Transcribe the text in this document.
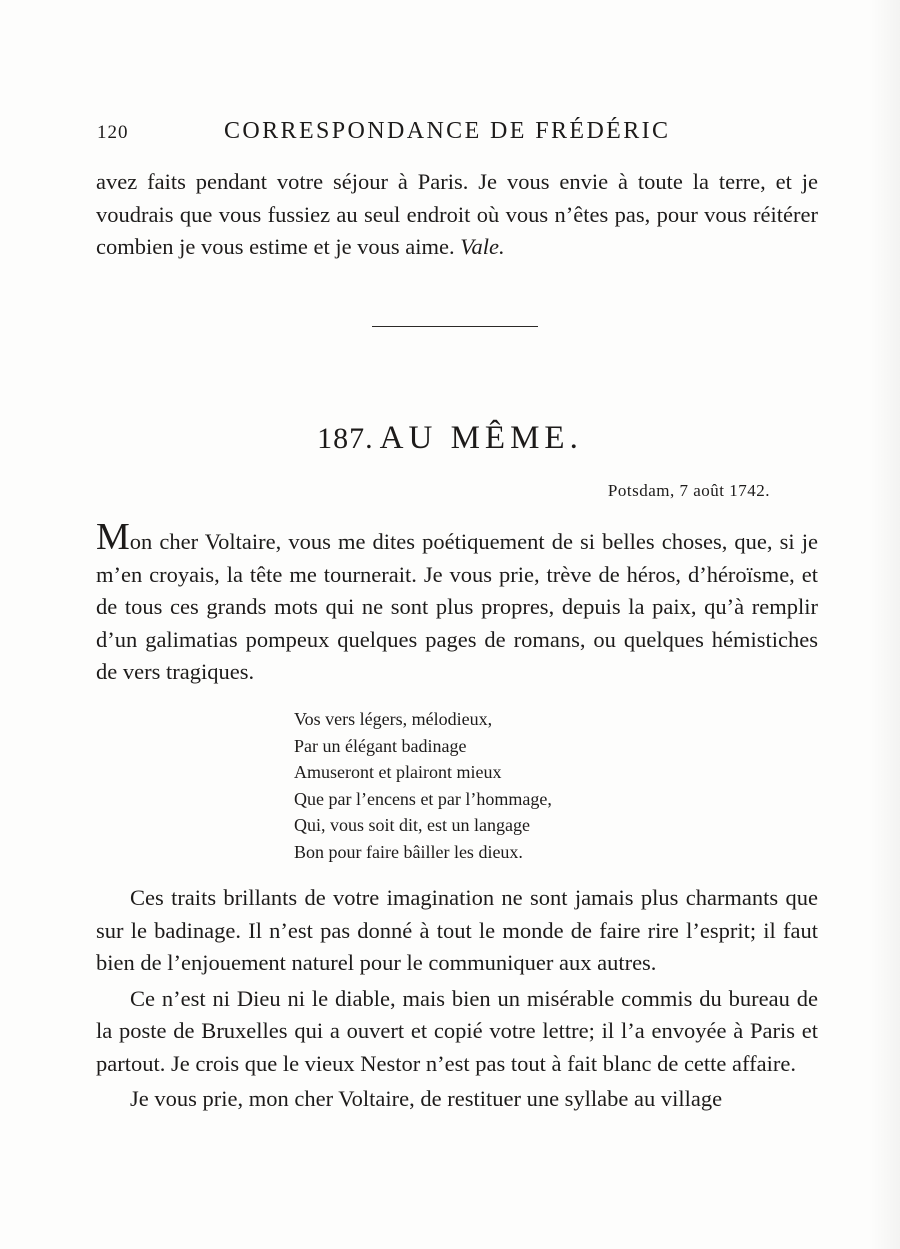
120	CORRESPONDANCE DE FRÉDÉRIC

avez faits pendant votre séjour à Paris. Je vous envie à toute la terre, et je voudrais que vous fussiez au seul endroit où vous n’êtes pas, pour vous réitérer combien je vous estime et je vous aime. Vale.

187. AU MÊME.
Potsdam, 7 août 1742.

Mon cher Voltaire, vous me dites poétiquement de si belles choses, que, si je m’en croyais, la tête me tournerait. Je vous prie, trève de héros, d’héroïsme, et de tous ces grands mots qui ne sont plus propres, depuis la paix, qu’à remplir d’un galimatias pompeux quelques pages de romans, ou quelques hémistiches de vers tragiques.

Vos vers légers, mélodieux,
Par un élégant badinage
Amuseront et plairont mieux
Que par l’encens et par l’hommage,
Qui, vous soit dit, est un langage
Bon pour faire bâiller les dieux.

Ces traits brillants de votre imagination ne sont jamais plus charmants que sur le badinage. Il n’est pas donné à tout le monde de faire rire l’esprit; il faut bien de l’enjouement naturel pour le communiquer aux autres.

Ce n’est ni Dieu ni le diable, mais bien un misérable commis du bureau de la poste de Bruxelles qui a ouvert et copié votre lettre; il l’a envoyée à Paris et partout. Je crois que le vieux Nestor n’est pas tout à fait blanc de cette affaire.

Je vous prie, mon cher Voltaire, de restituer une syllabe au village
